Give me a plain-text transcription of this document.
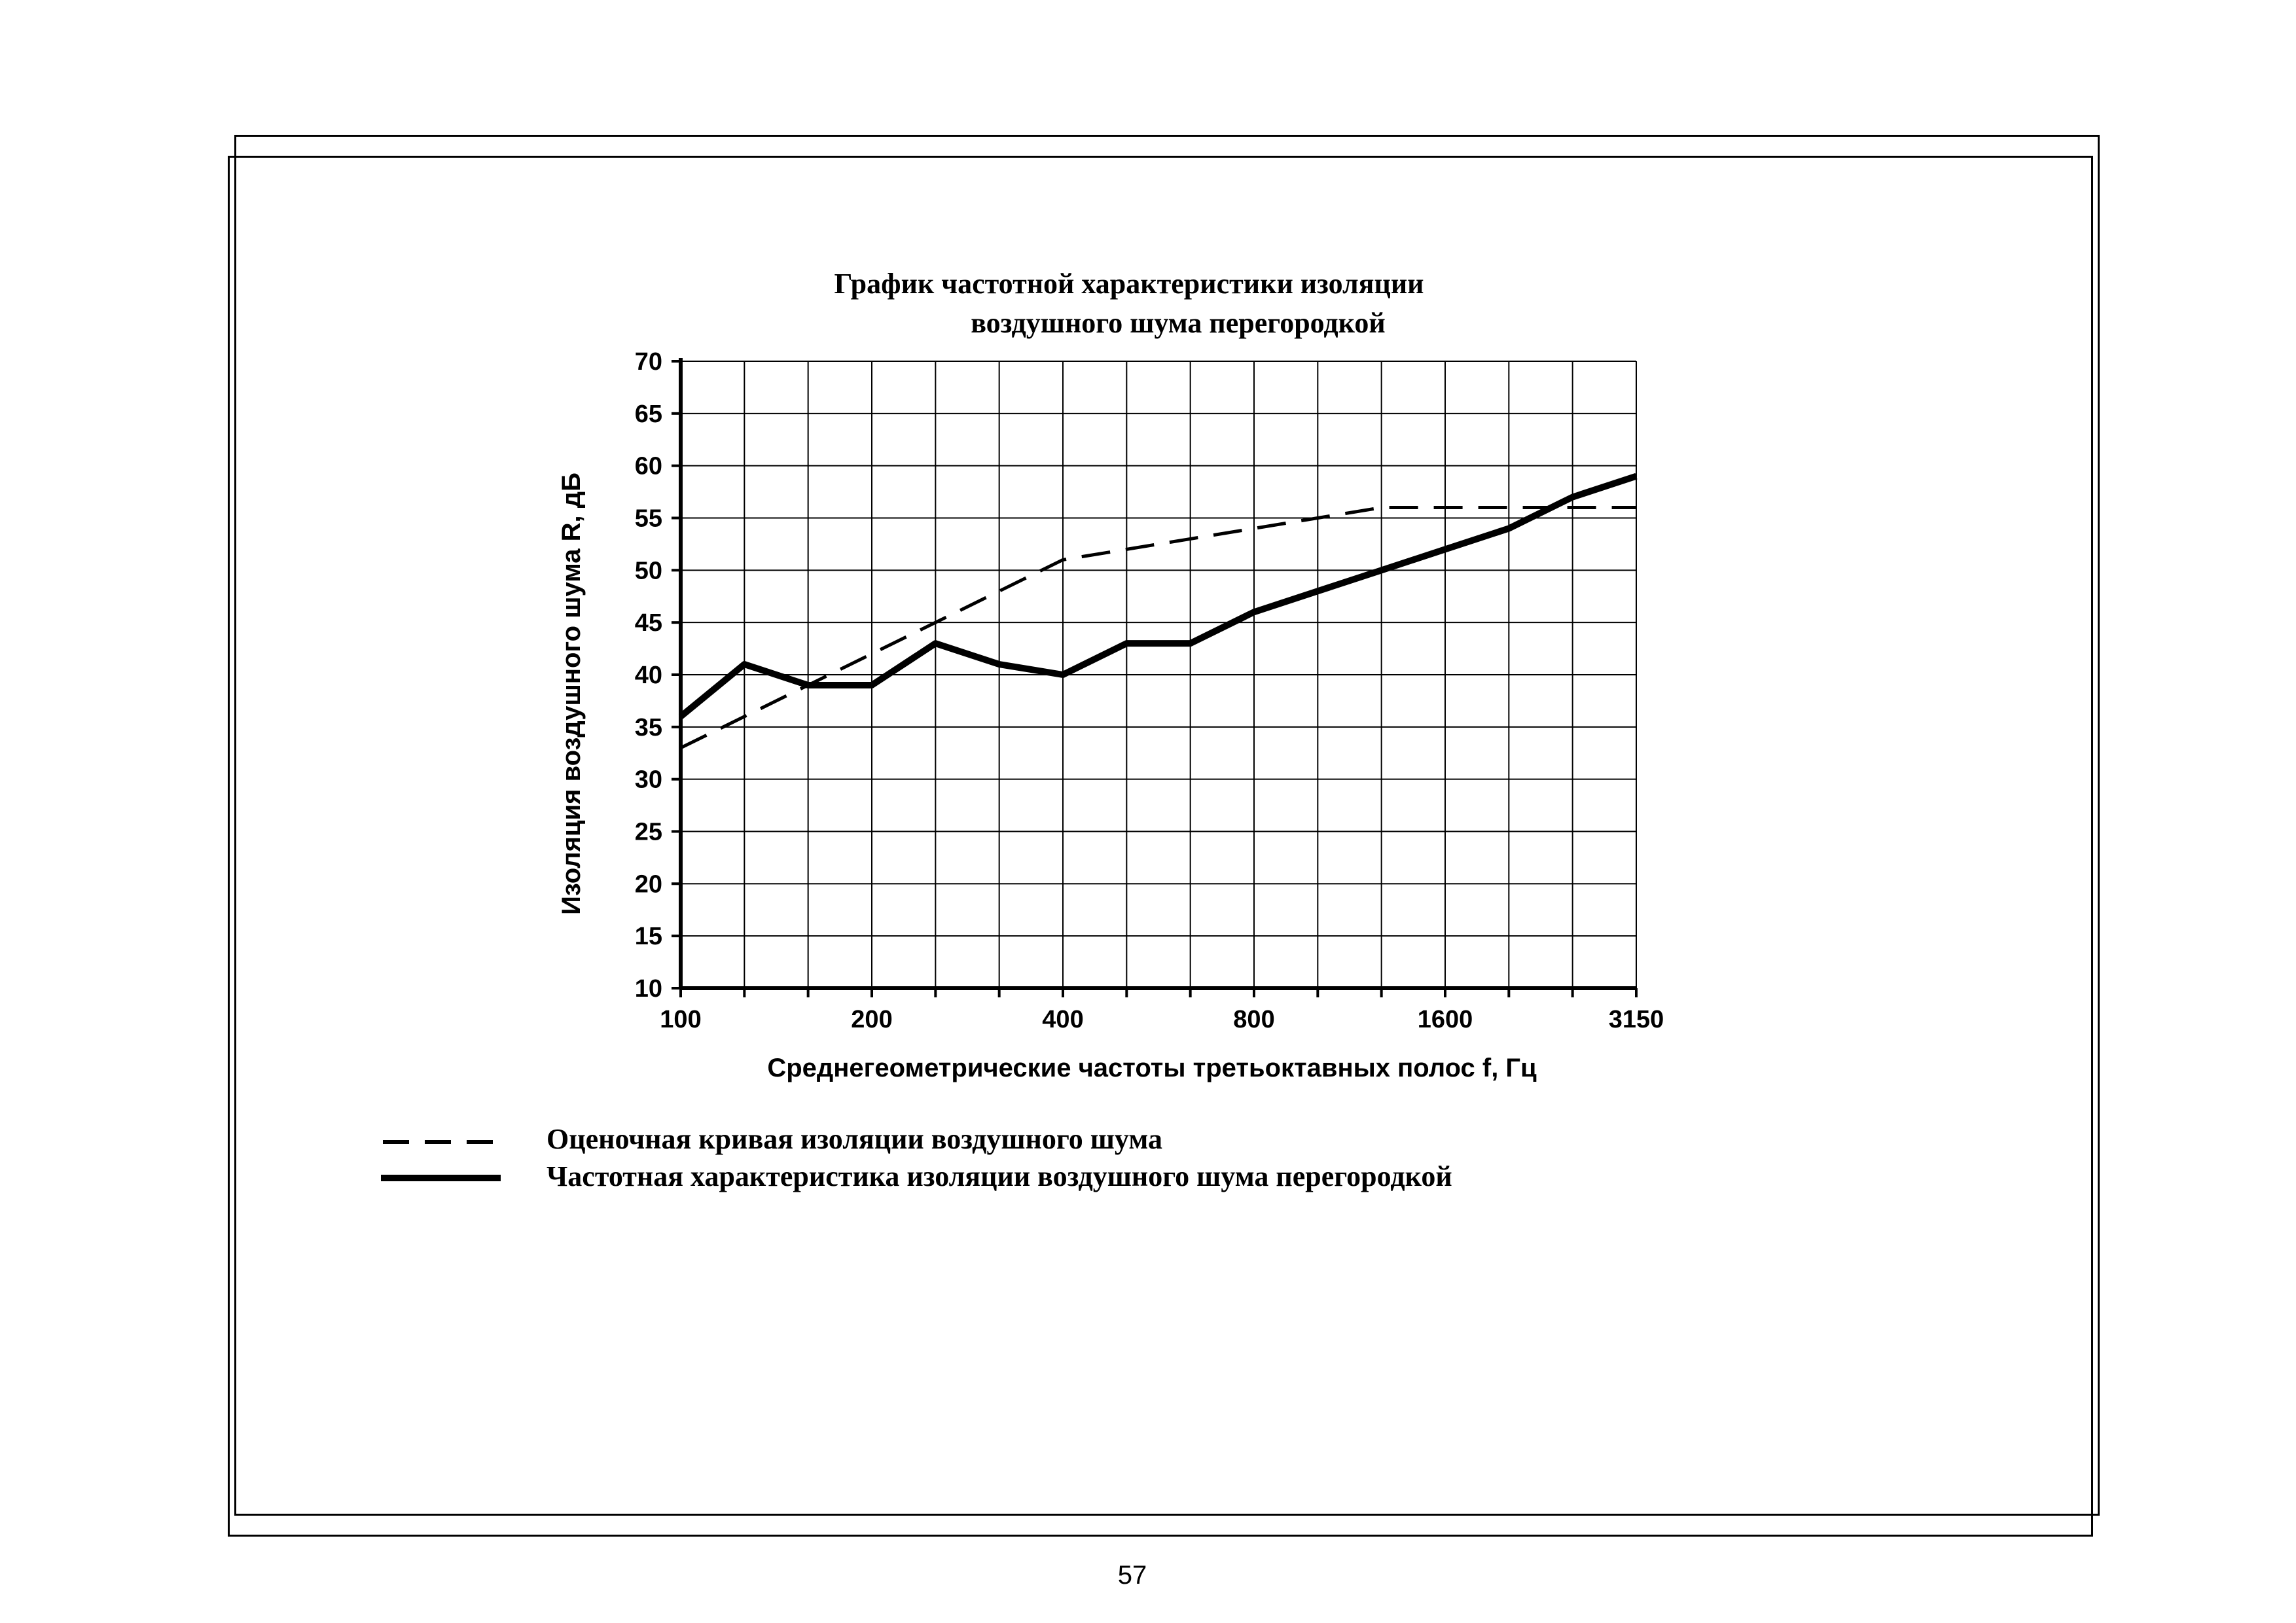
График частотной характеристики изоляции
воздушного шума перегородкой
10
15
20
25
30
35
40
45
50
55
60
65
70
100	200	400	800	1600	3150
Изоляция воздушного шума R, дБ
Среднегеометрические частоты третьоктавных полос f, Гц
Оценочная кривая изоляции воздушного шума
Частотная характеристика изоляции воздушного шума перегородкой
57
